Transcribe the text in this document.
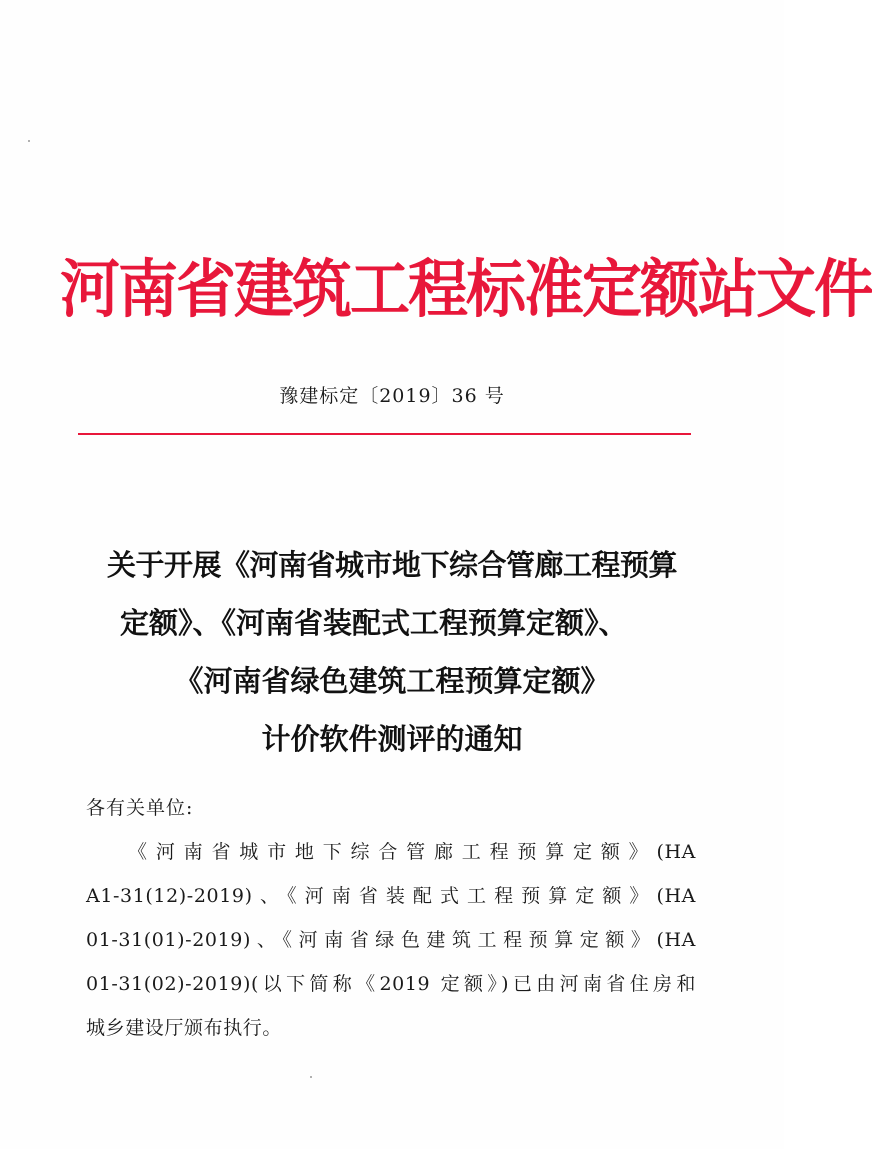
河南省建筑工程标准定额站文件
豫建标定〔2019〕36 号
关于开展《河南省城市地下综合管廊工程预算
定额》、《河南省装配式工程预算定额》、
《河南省绿色建筑工程预算定额》
计价软件测评的通知
各有关单位:
《河南省城市地下综合管廊工程预算定额》(HA
A1-31(12)-2019)、《河南省装配式工程预算定额》(HA
01-31(01)-2019)、《河南省绿色建筑工程预算定额》(HA
01-31(02)-2019)(以下简称《2019 定额》)已由河南省住房和
城乡建设厅颁布执行。
